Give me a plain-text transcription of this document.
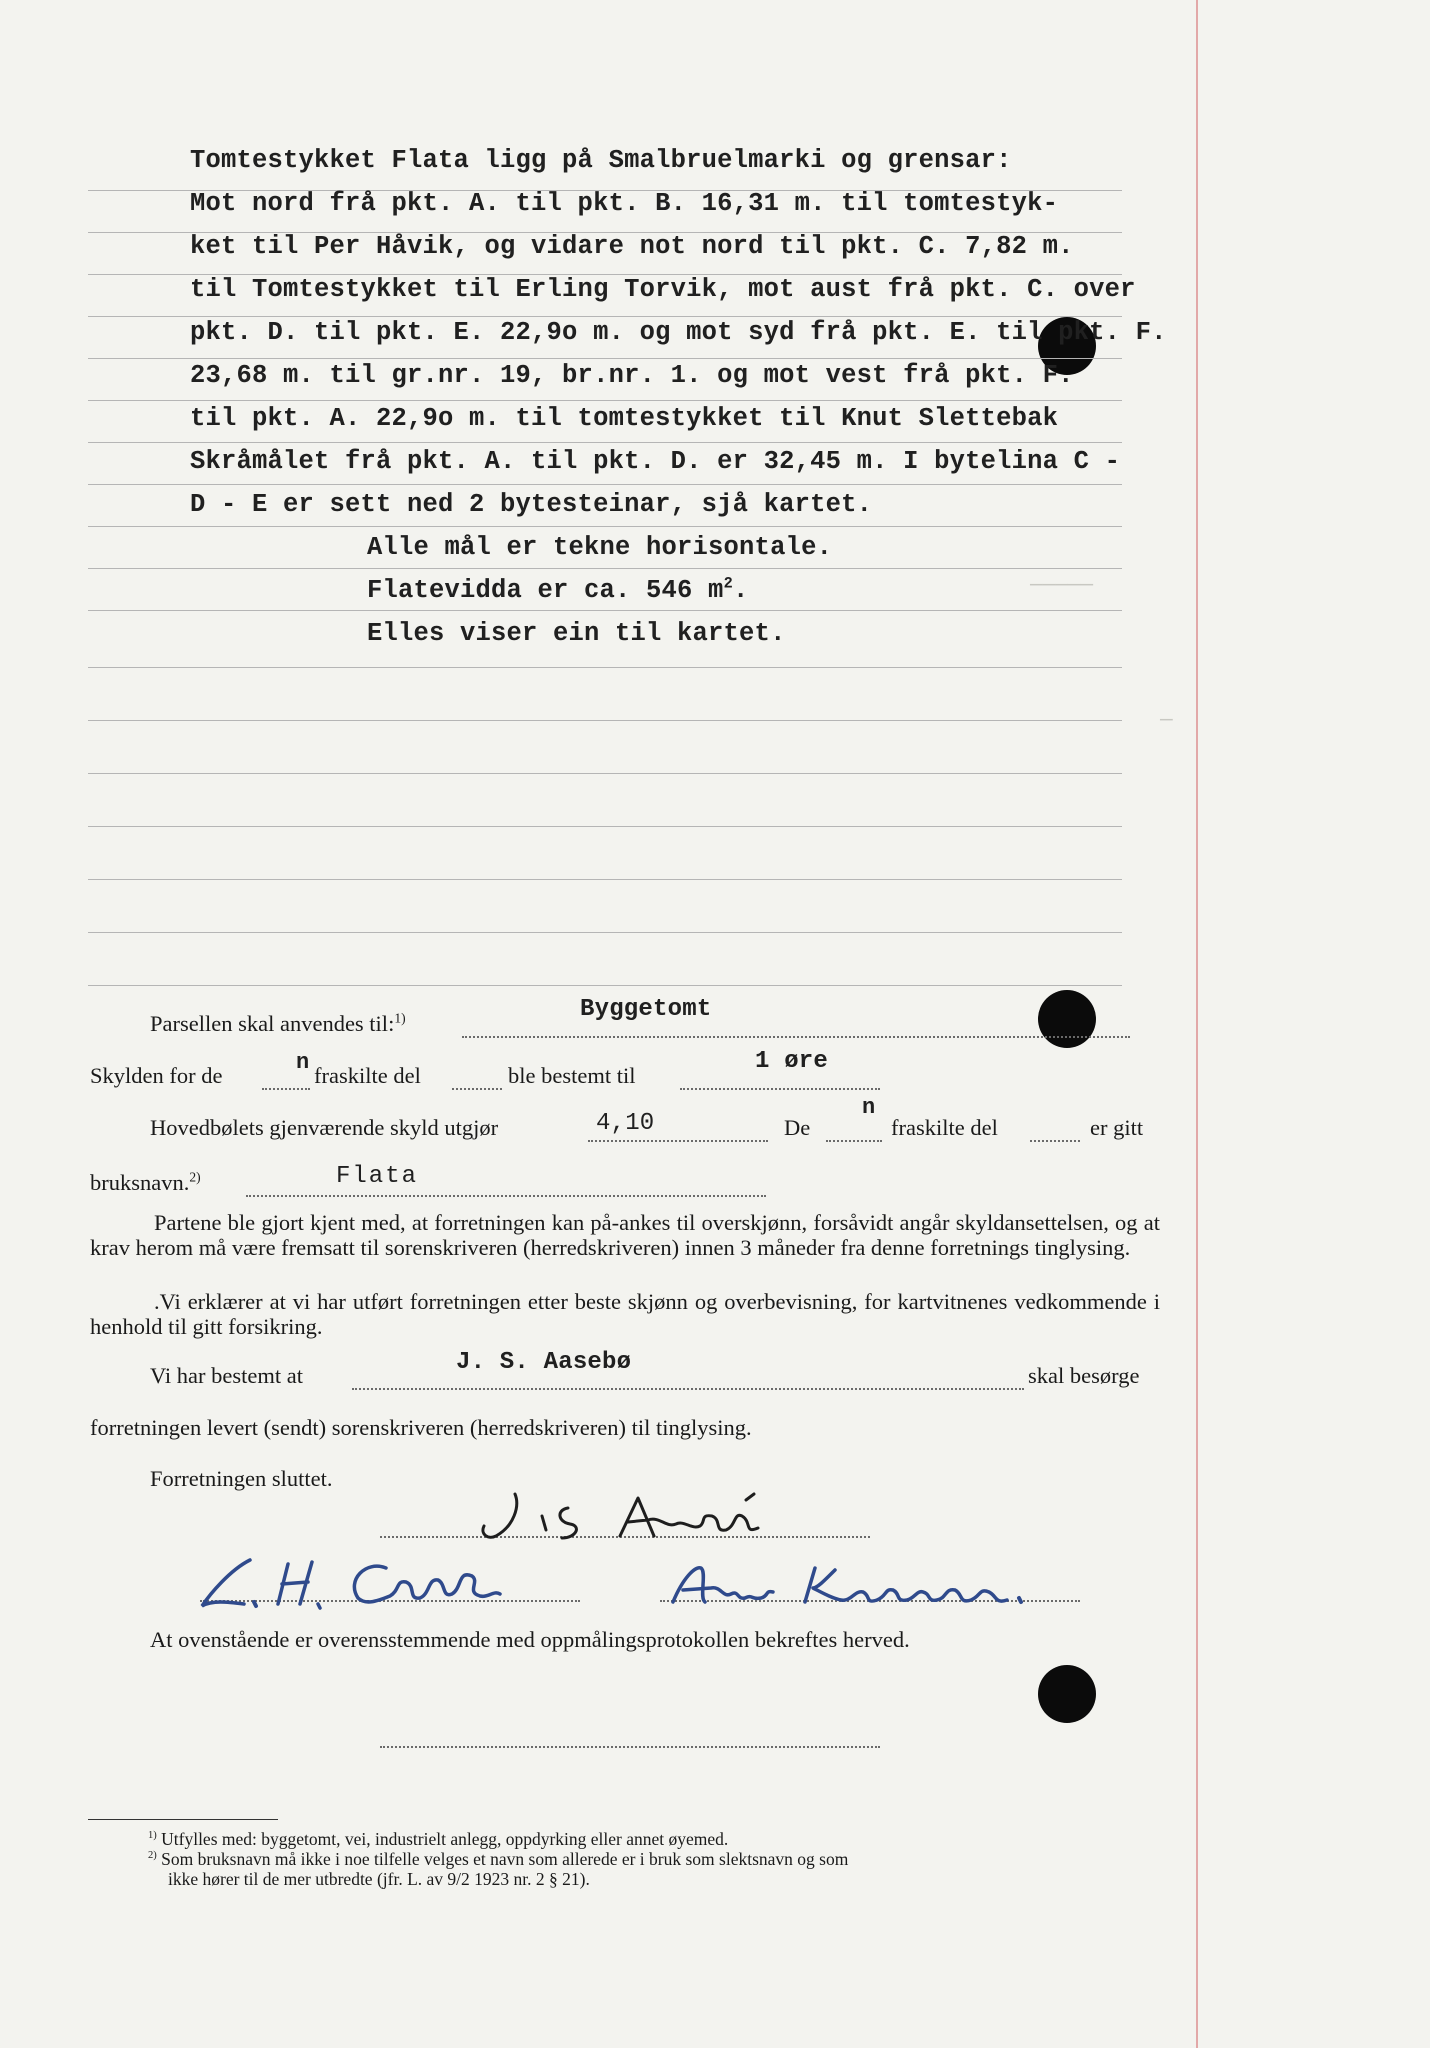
─────
─
Tomtestykket Flata ligg på Smalbruelmarki og grensar:
Mot nord frå pkt. A. til pkt. B. 16,31 m. til tomtestyk-
ket til Per Håvik, og vidare not nord til pkt. C. 7,82 m.
til Tomtestykket til Erling Torvik, mot aust frå pkt. C. over
pkt. D. til pkt. E. 22,9o m. og mot syd frå pkt. E. til pkt. F.
23,68 m. til gr.nr. 19, br.nr. 1. og mot vest frå pkt. F.
til pkt. A. 22,9o m. til tomtestykket til Knut Slettebak
Skråmålet frå pkt. A. til pkt. D. er 32,45 m. I bytelina C -
D - E er sett ned 2 bytesteinar, sjå kartet.
Alle mål er tekne horisontale.
Flatevidda er ca. 546 $m^2$.
Elles viser ein til kartet.
Parsellen skal anvendes til:$^{1)}$	Byggetomt
Skylden for de
n
fraskilte del	ble bestemt til
1 øre
Hovedbølets gjenværende skyld utgjør	4,10	De
n
fraskilte del	er gitt
bruksnavn.$^{2)}$	Flata
Partene ble gjort kjent med, at forretningen kan på-ankes til overskjønn, forsåvidt angår skyldansettelsen, og at krav herom må være fremsatt til sorenskriveren (herredskriveren) innen 3 måneder fra denne forretnings tinglysing.
.Vi erklærer at vi har utført forretningen etter beste skjønn og overbevisning, for kartvitnenes vedkommende i henhold til gitt forsikring.
Vi har bestemt at	J. S. Aasebø	skal besørge
forretningen levert (sendt) sorenskriveren (herredskriveren) til tinglysing.
Forretningen sluttet.
At ovenstående er overensstemmende med oppmålingsprotokollen bekreftes herved.
$^{1)}$ Utfylles med: byggetomt, vei, industrielt anlegg, oppdyrking eller annet øyemed.
$^{2)}$ Som bruksnavn må ikke i noe tilfelle velges et navn som allerede er i bruk som slektsnavn og som
ikke hører til de mer utbredte (jfr. L. av 9/2 1923 nr. 2 § 21).
